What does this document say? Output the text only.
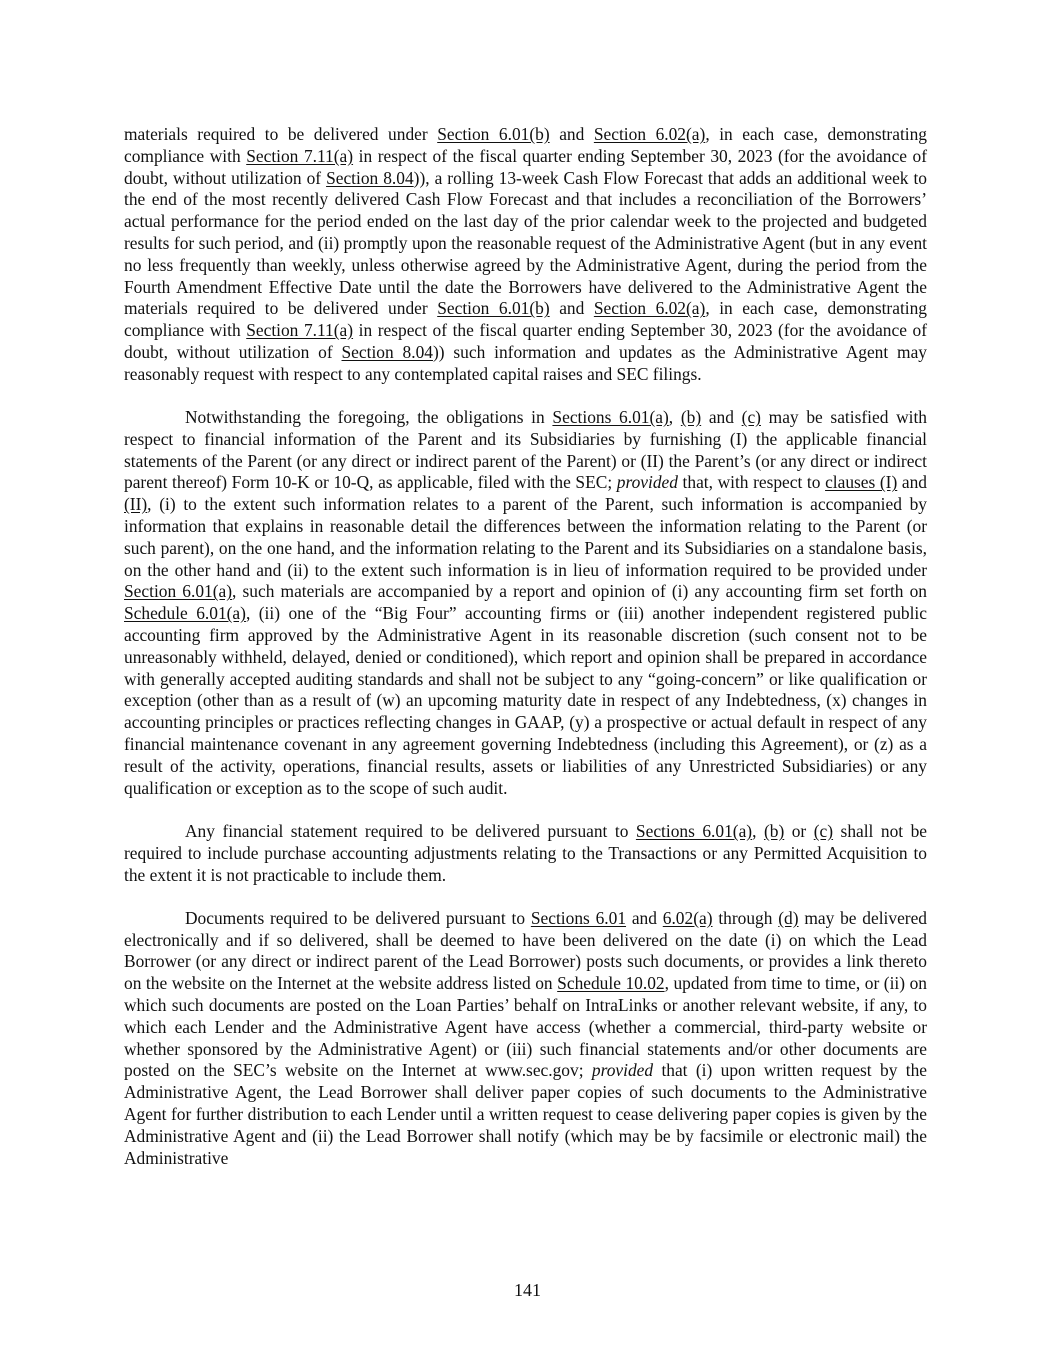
materials required to be delivered under Section 6.01(b) and Section 6.02(a), in each case, demonstrating compliance with Section 7.11(a) in respect of the fiscal quarter ending September 30, 2023 (for the avoidance of doubt, without utilization of Section 8.04)), a rolling 13-week Cash Flow Forecast that adds an additional week to the end of the most recently delivered Cash Flow Forecast and that includes a reconciliation of the Borrowers’ actual performance for the period ended on the last day of the prior calendar week to the projected and budgeted results for such period, and (ii) promptly upon the reasonable request of the Administrative Agent (but in any event no less frequently than weekly, unless otherwise agreed by the Administrative Agent, during the period from the Fourth Amendment Effective Date until the date the Borrowers have delivered to the Administrative Agent the materials required to be delivered under Section 6.01(b) and Section 6.02(a), in each case, demonstrating compliance with Section 7.11(a) in respect of the fiscal quarter ending September 30, 2023 (for the avoidance of doubt, without utilization of Section 8.04)) such information and updates as the Administrative Agent may reasonably request with respect to any contemplated capital raises and SEC filings.

Notwithstanding the foregoing, the obligations in Sections 6.01(a), (b) and (c) may be satisfied with respect to financial information of the Parent and its Subsidiaries by furnishing (I) the applicable financial statements of the Parent (or any direct or indirect parent of the Parent) or (II) the Parent’s (or any direct or indirect parent thereof) Form 10-K or 10-Q, as applicable, filed with the SEC; provided that, with respect to clauses (I) and (II), (i) to the extent such information relates to a parent of the Parent, such information is accompanied by information that explains in reasonable detail the differences between the information relating to the Parent (or such parent), on the one hand, and the information relating to the Parent and its Subsidiaries on a standalone basis, on the other hand and (ii) to the extent such information is in lieu of information required to be provided under Section 6.01(a), such materials are accompanied by a report and opinion of (i) any accounting firm set forth on Schedule 6.01(a), (ii) one of the “Big Four” accounting firms or (iii) another independent registered public accounting firm approved by the Administrative Agent in its reasonable discretion (such consent not to be unreasonably withheld, delayed, denied or conditioned), which report and opinion shall be prepared in accordance with generally accepted auditing standards and shall not be subject to any “going-concern” or like qualification or exception (other than as a result of (w) an upcoming maturity date in respect of any Indebtedness, (x) changes in accounting principles or practices reflecting changes in GAAP, (y) a prospective or actual default in respect of any financial maintenance covenant in any agreement governing Indebtedness (including this Agreement), or (z) as a result of the activity, operations, financial results, assets or liabilities of any Unrestricted Subsidiaries) or any qualification or exception as to the scope of such audit.

Any financial statement required to be delivered pursuant to Sections 6.01(a), (b) or (c) shall not be required to include purchase accounting adjustments relating to the Transactions or any Permitted Acquisition to the extent it is not practicable to include them.

Documents required to be delivered pursuant to Sections 6.01 and 6.02(a) through (d) may be delivered electronically and if so delivered, shall be deemed to have been delivered on the date (i) on which the Lead Borrower (or any direct or indirect parent of the Lead Borrower) posts such documents, or provides a link thereto on the website on the Internet at the website address listed on Schedule 10.02, updated from time to time, or (ii) on which such documents are posted on the Loan Parties’ behalf on IntraLinks or another relevant website, if any, to which each Lender and the Administrative Agent have access (whether a commercial, third-party website or whether sponsored by the Administrative Agent) or (iii) such financial statements and/or other documents are posted on the SEC’s website on the Internet at www.sec.gov; provided that (i) upon written request by the Administrative Agent, the Lead Borrower shall deliver paper copies of such documents to the Administrative Agent for further distribution to each Lender until a written request to cease delivering paper copies is given by the Administrative Agent and (ii) the Lead Borrower shall notify (which may be by facsimile or electronic mail) the Administrative

141
